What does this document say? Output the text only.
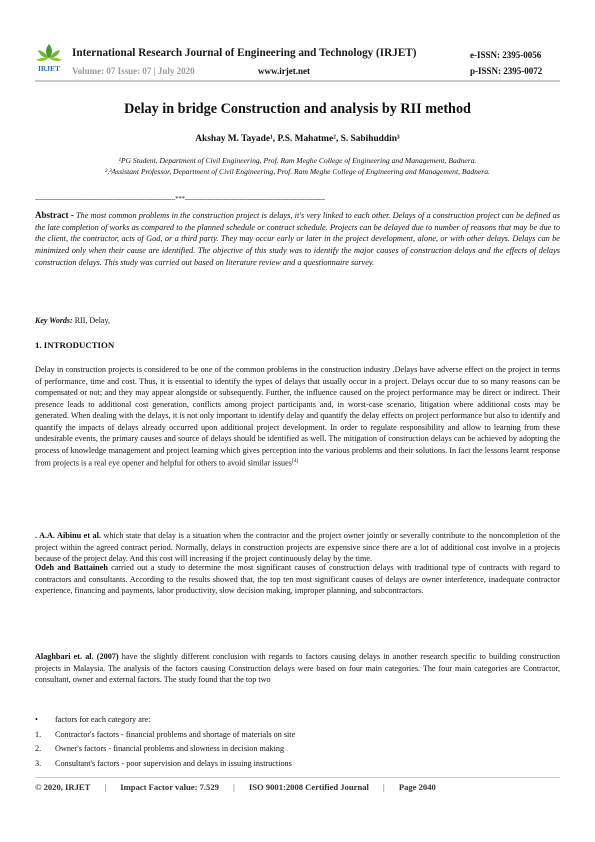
IRJET
International Research Journal of Engineering and Technology (IRJET)
Volume: 07 Issue: 07 | July 2020	www.irjet.net
e-ISSN: 2395-0056
p-ISSN: 2395-0072
Delay in bridge Construction and analysis by RII method
Akshay M. Tayade¹, P.S. Mahatme², S. Sabihuddin³
¹PG Student, Department of Civil Engineering, Prof. Ram Meghe College of Engineering and Management, Badnera.
²,³Assistant Professor, Department of Civil Engineering, Prof. Ram Meghe College of Engineering and Management, Badnera.
---------------------------------------------------------------------***---------------------------------------------------------------------
Abstract - The most common problems in the construction project is delays, it's very linked to each other. Delays of a construction project can be defined as the late completion of works as compared to the planned schedule or contract schedule. Projects can be delayed due to number of reasons that may be due to the client, the contractor, acts of God, or a third party. They may occur early or later in the project development, alone, or with other delays. Delays can be minimized only when their cause are identified. The objective of this study was to identify the major causes of construction delays and the effects of delays construction delays. This study was carried out based on literature review and a questionnaire survey.
Key Words: RII, Delay,
1. INTRODUCTION
Delay in construction projects is considered to be one of the common problems in the construction industry .Delays have adverse effect on the project in terms of performance, time and cost. Thus, it is essential to identify the types of delays that usually occur in a project. Delays occur due to so many reasons can be compensated or not; and they may appear alongside or subsequently. Further, the influence caused on the project performance may be direct or indirect. Their presence leads to additional cost generation, conflicts among project participants and, in worst-case scenario, litigation where additional costs may be generated. When dealing with the delays, it is not only important to identify delay and quantify the delay effects on project performance but also to identify and quantify the impacts of delays already occurred upon additional project development. In order to regulate responsibility and allow to learning from these undesirable events, the primary causes and source of delays should be identified as well. The mitigation of construction delays can be achieved by adopting the process of knowledge management and project learning which gives perception into the various problems and their solutions. In fact the lessons learnt response from projects is a real eye opener and helpful for others to avoid similar issues[4]
. A.A. Aibinu et al. which state that delay is a situation when the contractor and the project owner jointly or severally contribute to the noncompletion of the project within the agreed contract period. Normally, delays in construction projects are expensive since there are a lot of additional cost involve in a projects because of the project delay. And this cost will increasing if the project continuously delay by the time.
Odeh and Battaineh carried out a study to determine the most significant causes of construction delays with traditional type of contracts with regard to contractors and consultants. According to the results showed that, the top ten most significant causes of delays are owner interference, inadequate contractor experience, financing and payments, labor productivity, slow decision making, improper planning, and subcontractors.
Alaghbari et. al. (2007) have the slightly different conclusion with regards to factors causing delays in another research specific to building construction projects in Malaysia. The analysis of the factors causing Construction delays were based on four main categories. The four main categories are Contractor, consultant, owner and external factors. The study found that the top two
•	factors for each category are:
1.	Contractor's factors - financial problems and shortage of materials on site
2.	Owner's factors - financial problems and slowness in decision making
3.	Consultant's factors - poor supervision and delays in issuing instructions
© 2020, IRJET | Impact Factor value: 7.529 | ISO 9001:2008 Certified Journal | Page 2040
